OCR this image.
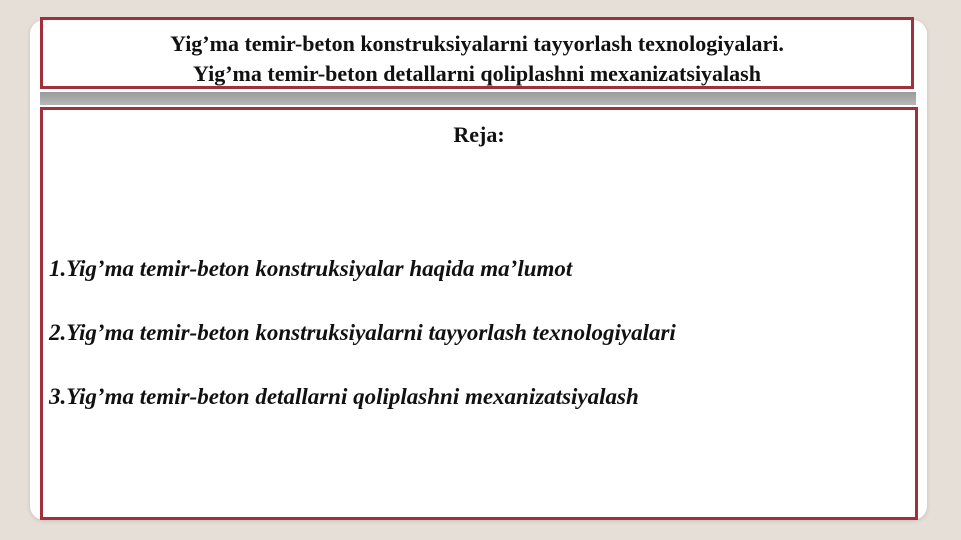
Yig’ma temir-beton konstruksiyalarni tayyorlash texnologiyalari.
Yig’ma temir-beton detallarni qoliplashni mexanizatsiyalash
Reja:
1.Yig’ma temir-beton konstruksiyalar haqida ma’lumot
2.Yig’ma temir-beton konstruksiyalarni tayyorlash texnologiyalari
3.Yig’ma temir-beton detallarni qoliplashni mexanizatsiyalash
